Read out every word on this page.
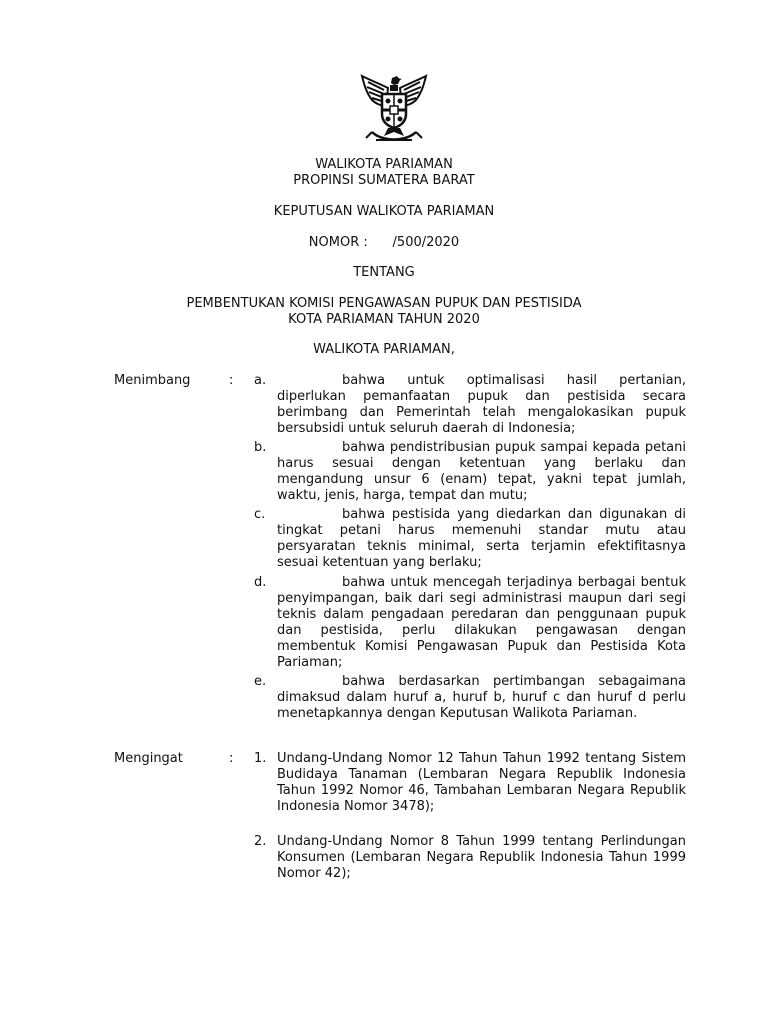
WALIKOTA PARIAMAN
PROPINSI SUMATERA BARAT
KEPUTUSAN WALIKOTA PARIAMAN
NOMOR :      /500/2020
TENTANG
PEMBENTUKAN KOMISI PENGAWASAN PUPUK DAN PESTISIDA
KOTA PARIAMAN TAHUN 2020
WALIKOTA PARIAMAN,
Menimbang	: a.	bahwa untuk optimalisasi hasil pertanian, diperlukan pemanfaatan pupuk dan pestisida secara berimbang dan Pemerintah telah mengalokasikan pupuk bersubsidi untuk seluruh daerah di Indonesia;

b.	bahwa pendistribusian pupuk sampai kepada petani harus sesuai dengan ketentuan yang berlaku dan mengandung unsur 6 (enam) tepat, yakni tepat jumlah, waktu, jenis, harga, tempat dan mutu;

c.	bahwa pestisida yang diedarkan dan digunakan di tingkat petani harus memenuhi standar mutu atau persyaratan teknis minimal, serta terjamin efektifitasnya sesuai ketentuan yang berlaku;

d.	bahwa untuk mencegah terjadinya berbagai bentuk penyimpangan, baik dari segi administrasi maupun dari segi teknis dalam pengadaan peredaran dan penggunaan pupuk dan pestisida, perlu dilakukan pengawasan dengan membentuk Komisi Pengawasan Pupuk dan Pestisida Kota Pariaman;

e.	bahwa berdasarkan pertimbangan sebagaimana dimaksud dalam huruf a, huruf b, huruf c dan huruf d perlu menetapkannya dengan Keputusan Walikota Pariaman.

Mengingat	: 1. Undang-Undang Nomor 12 Tahun Tahun 1992 tentang Sistem Budidaya Tanaman (Lembaran Negara Republik Indonesia Tahun 1992 Nomor 46, Tambahan Lembaran Negara Republik Indonesia Nomor 3478);

2. Undang-Undang Nomor 8 Tahun 1999 tentang Perlindungan Konsumen (Lembaran Negara Republik Indonesia Tahun 1999 Nomor 42);
